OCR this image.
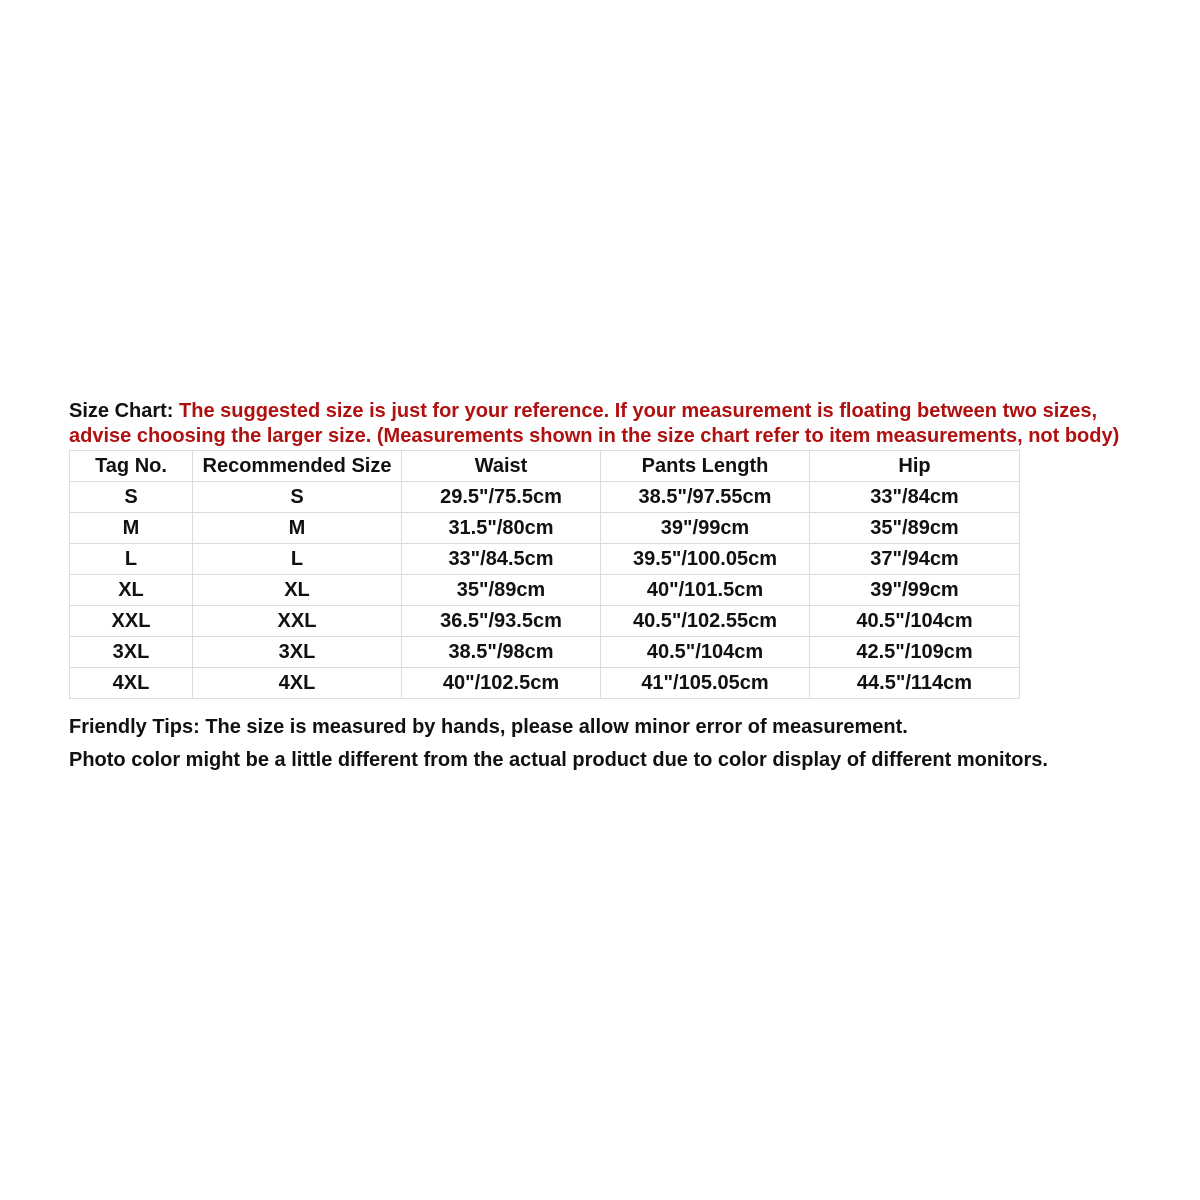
Size Chart: The suggested size is just for your reference. If your measurement is floating between two sizes, advise choosing the larger size. (Measurements shown in the size chart refer to item measurements, not body)

Tag No.	Recommended Size	Waist	Pants Length	Hip
S	S	29.5"/75.5cm	38.5"/97.55cm	33"/84cm
M	M	31.5"/80cm	39"/99cm	35"/89cm
L	L	33"/84.5cm	39.5"/100.05cm	37"/94cm
XL	XL	35"/89cm	40"/101.5cm	39"/99cm
XXL	XXL	36.5"/93.5cm	40.5"/102.55cm	40.5"/104cm
3XL	3XL	38.5"/98cm	40.5"/104cm	42.5"/109cm
4XL	4XL	40"/102.5cm	41"/105.05cm	44.5"/114cm

Friendly Tips: The size is measured by hands, please allow minor error of measurement.

Photo color might be a little different from the actual product due to color display of different monitors.
